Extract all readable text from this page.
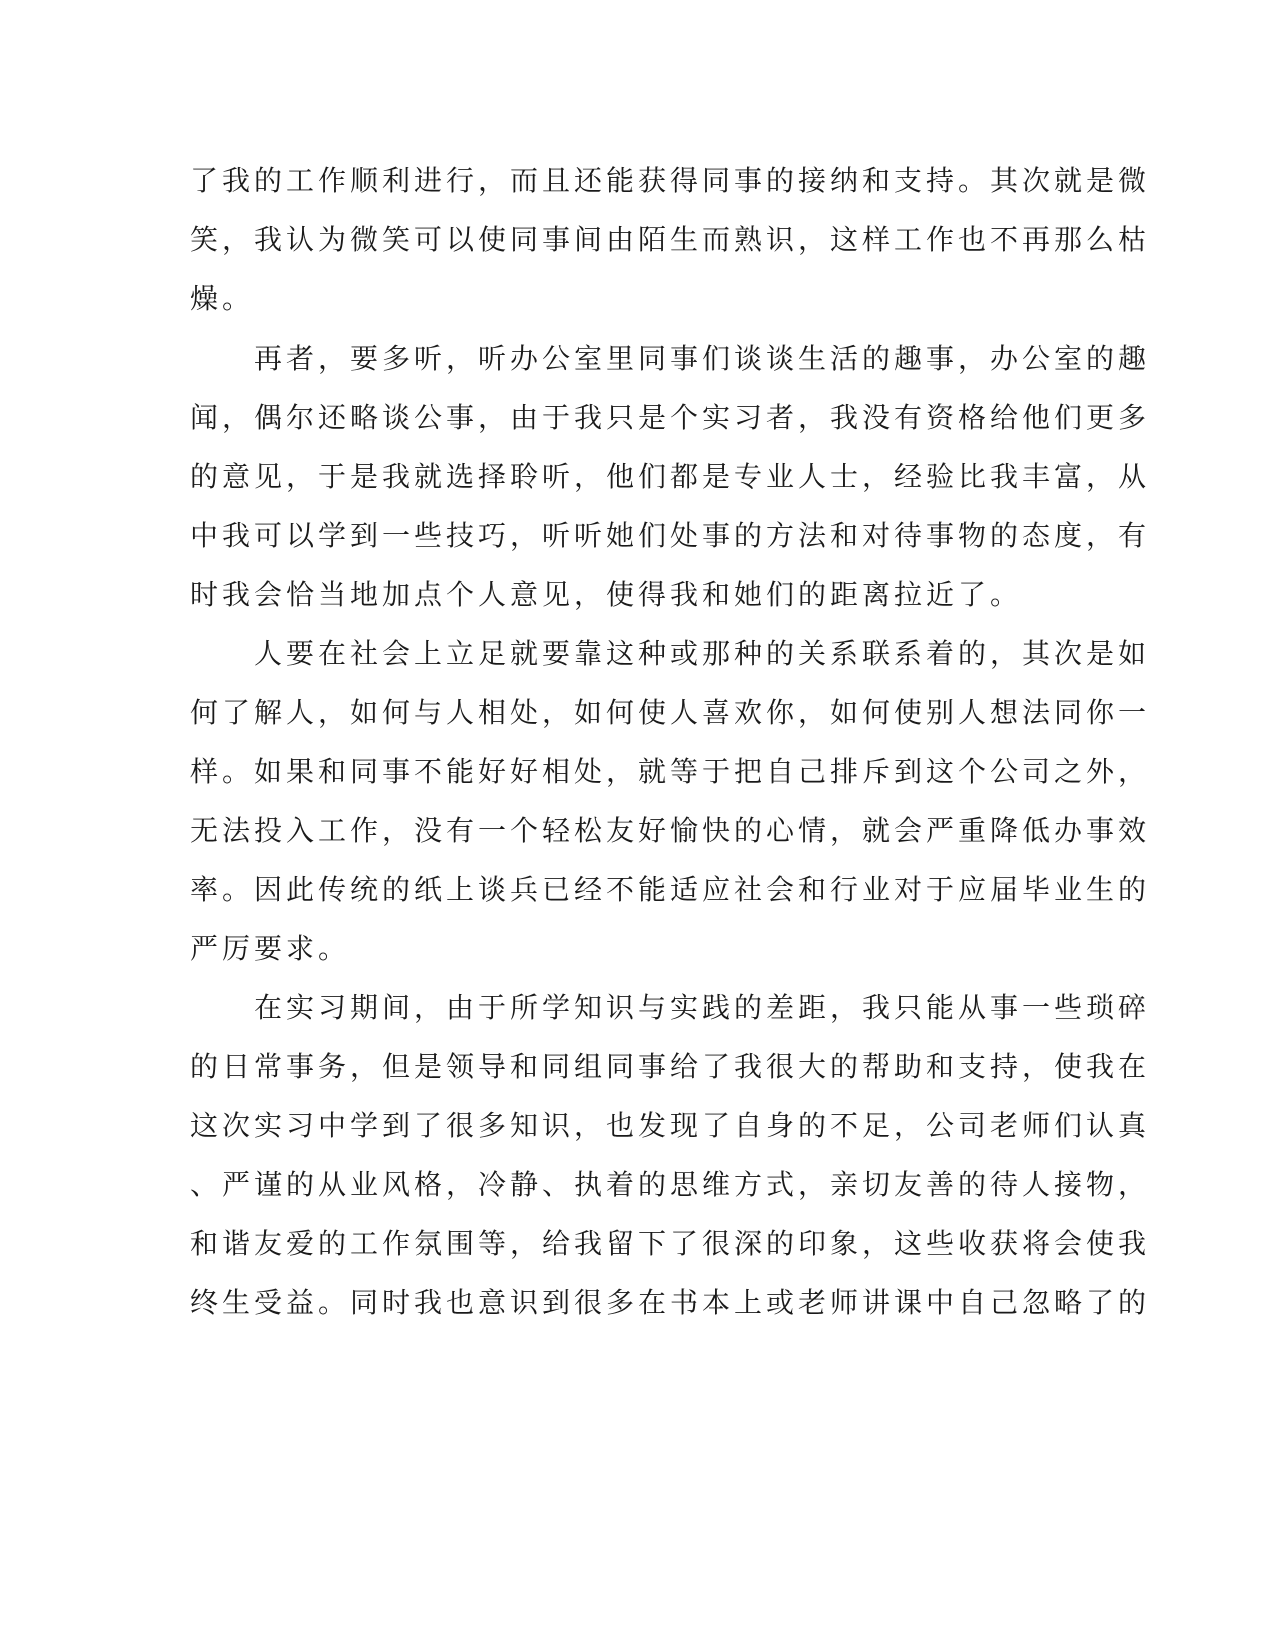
了我的工作顺利进行，而且还能获得同事的接纳和支持。其次就是微
笑，我认为微笑可以使同事间由陌生而熟识，这样工作也不再那么枯
燥。
再者，要多听，听办公室里同事们谈谈生活的趣事，办公室的趣
闻，偶尔还略谈公事，由于我只是个实习者，我没有资格给他们更多
的意见，于是我就选择聆听，他们都是专业人士，经验比我丰富，从
中我可以学到一些技巧，听听她们处事的方法和对待事物的态度，有
时我会恰当地加点个人意见，使得我和她们的距离拉近了。
人要在社会上立足就要靠这种或那种的关系联系着的，其次是如
何了解人，如何与人相处，如何使人喜欢你，如何使别人想法同你一
样。如果和同事不能好好相处，就等于把自己排斥到这个公司之外，
无法投入工作，没有一个轻松友好愉快的心情，就会严重降低办事效
率。因此传统的纸上谈兵已经不能适应社会和行业对于应届毕业生的
严厉要求。
在实习期间，由于所学知识与实践的差距，我只能从事一些琐碎
的日常事务，但是领导和同组同事给了我很大的帮助和支持，使我在
这次实习中学到了很多知识，也发现了自身的不足，公司老师们认真
、严谨的从业风格，冷静、执着的思维方式，亲切友善的待人接物，
和谐友爱的工作氛围等，给我留下了很深的印象，这些收获将会使我
终生受益。同时我也意识到很多在书本上或老师讲课中自己忽略了的
